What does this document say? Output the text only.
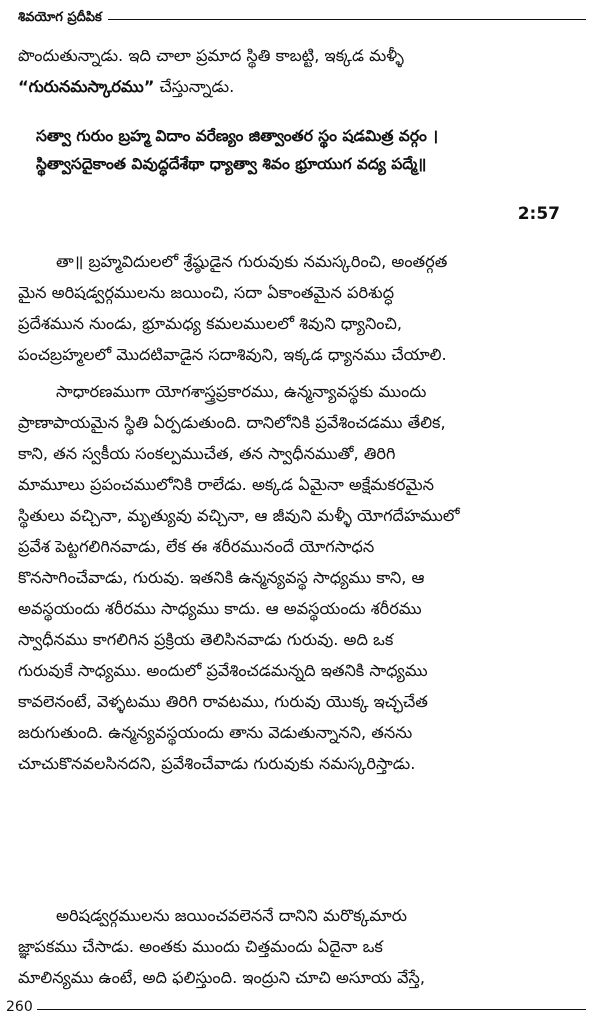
శివయోగ ప్రదీపిక

పొందుతున్నాడు. ఇది చాలా ప్రమాద స్థితి కాబట్టి, ఇక్కడ మళ్ళీ
“గురునమస్కారము” చేస్తున్నాడు.

సత్వా గురుం బ్రహ్మ విదాం వరేణ్యం జిత్వాంతర స్థం షడమిత్ర వర్గం ।
స్థిత్వాసదైకాంత వివుద్ధదేశేథా ధ్యాత్వా శివం భ్రూయుగ వద్య పద్మే॥
2:57

తా॥ బ్రహ్మవిదులలో శ్రేష్ఠుడైన గురువుకు నమస్కరించి, అంతర్గత
మైన అరిషడ్వర్గములను జయించి, సదా ఏకాంతమైన పరిశుద్ధ
ప్రదేశమున నుండు, భ్రూమధ్య కమలములలో శివుని ధ్యానించి,
పంచబ్రహ్మలలో మొదటివాడైన సదాశివుని, ఇక్కడ ధ్యానము చేయాలి.

సాధారణముగా యోగశాస్త్రప్రకారము, ఉన్మన్యావస్థకు ముందు
ప్రాణాపాయమైన స్థితి ఏర్పడుతుంది. దానిలోనికి ప్రవేశించడము తేలిక,
కాని, తన స్వకీయ సంకల్పముచేత, తన స్వాధీనముతో, తిరిగి
మామూలు ప్రపంచములోనికి రాలేడు. అక్కడ ఏమైనా అక్షేమకరమైన
స్థితులు వచ్చినా, మృత్యువు వచ్చినా, ఆ జీవుని మళ్ళీ యోగదేహములో
ప్రవేశ పెట్టగలిగినవాడు, లేక ఈ శరీరమునందే యోగసాధన
కొనసాగించేవాడు, గురువు. ఇతనికి ఉన్మన్యవస్థ సాధ్యము కాని, ఆ
అవస్థయందు శరీరము సాధ్యము కాదు. ఆ అవస్థయందు శరీరము
స్వాధీనము కాగలిగిన ప్రక్రియ తెలిసినవాడు గురువు. అది ఒక
గురువుకే సాధ్యము. అందులో ప్రవేశించడమన్నది ఇతనికి సాధ్యము
కావలెనంటే, వెళ్ళటము తిరిగి రావటము, గురువు యొక్క ఇచ్ఛచేత
జరుగుతుంది. ఉన్మన్యవస్థయందు తాను వెడుతున్నానని, తనను
చూచుకొనవలసినదని, ప్రవేశించేవాడు గురువుకు నమస్కరిస్తాడు.

అరిషడ్వర్గములను జయించవలెననే దానిని మరొక్కమారు
జ్ఞాపకము చేసాడు. అంతకు ముందు చిత్తమందు ఏదైనా ఒక
మాలిన్యము ఉంటే, అది ఫలిస్తుంది. ఇంద్రుని చూచి అసూయ వేస్తే,

260
